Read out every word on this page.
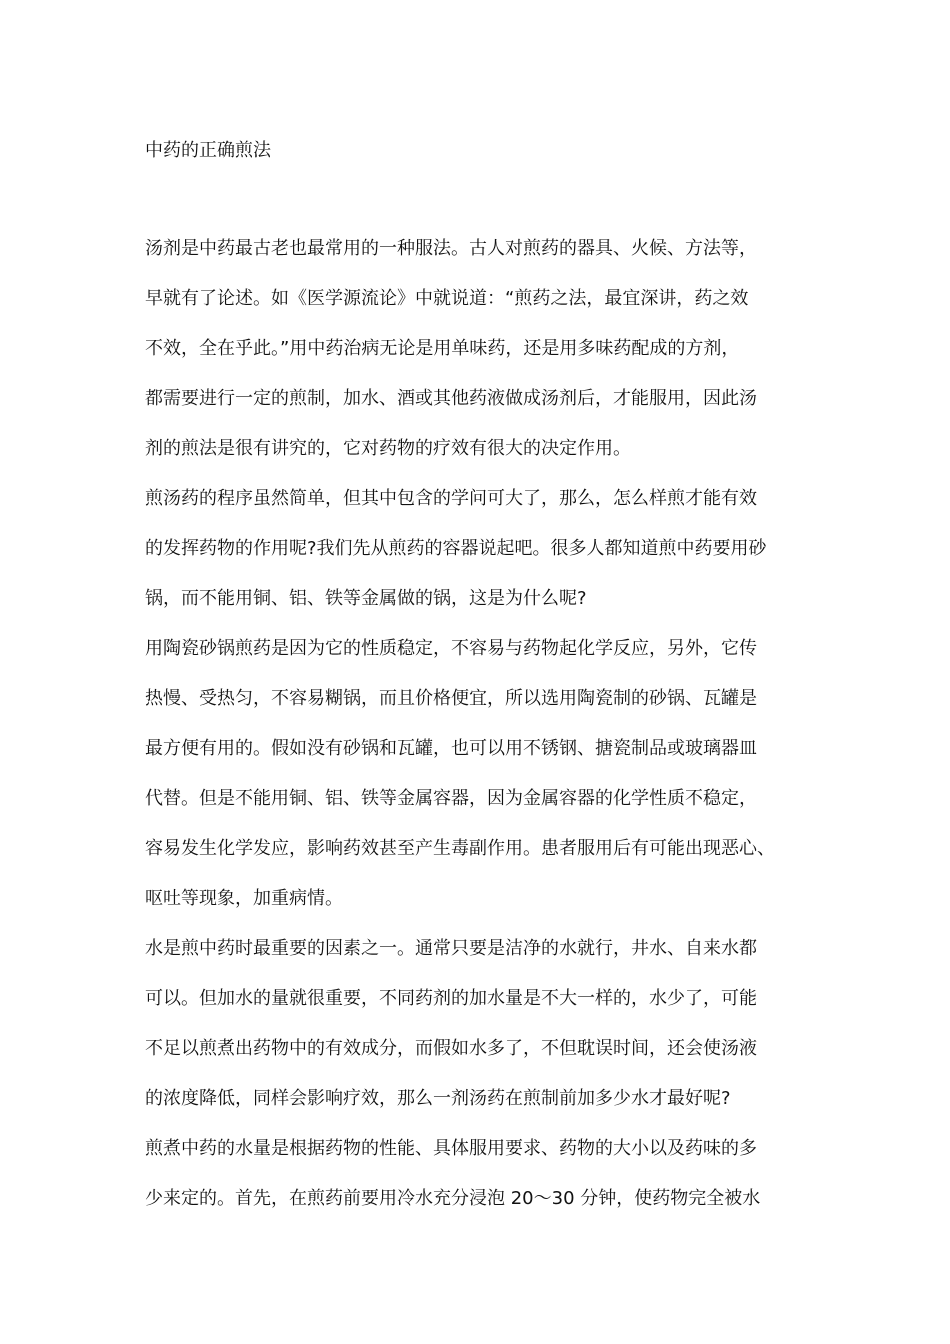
中药的正确煎法
汤剂是中药最古老也最常用的一种服法。古人对煎药的器具、火候、方法等，
早就有了论述。如《医学源流论》中就说道：“煎药之法，最宜深讲，药之效
不效，全在乎此。”用中药治病无论是用单味药，还是用多味药配成的方剂，
都需要进行一定的煎制，加水、酒或其他药液做成汤剂后，才能服用，因此汤
剂的煎法是很有讲究的，它对药物的疗效有很大的决定作用。
煎汤药的程序虽然简单，但其中包含的学问可大了，那么，怎么样煎才能有效
的发挥药物的作用呢?我们先从煎药的容器说起吧。很多人都知道煎中药要用砂
锅，而不能用铜、铝、铁等金属做的锅，这是为什么呢?
用陶瓷砂锅煎药是因为它的性质稳定，不容易与药物起化学反应，另外，它传
热慢、受热匀，不容易糊锅，而且价格便宜，所以选用陶瓷制的砂锅、瓦罐是
最方便有用的。假如没有砂锅和瓦罐，也可以用不锈钢、搪瓷制品或玻璃器皿
代替。但是不能用铜、铝、铁等金属容器，因为金属容器的化学性质不稳定，
容易发生化学发应，影响药效甚至产生毒副作用。患者服用后有可能出现恶心、
呕吐等现象，加重病情。
水是煎中药时最重要的因素之一。通常只要是洁净的水就行，井水、自来水都
可以。但加水的量就很重要，不同药剂的加水量是不大一样的，水少了，可能
不足以煎煮出药物中的有效成分，而假如水多了，不但耽误时间，还会使汤液
的浓度降低，同样会影响疗效，那么一剂汤药在煎制前加多少水才最好呢?
煎煮中药的水量是根据药物的性能、具体服用要求、药物的大小以及药味的多
少来定的。首先，在煎药前要用冷水充分浸泡 20～30 分钟，使药物完全被水
